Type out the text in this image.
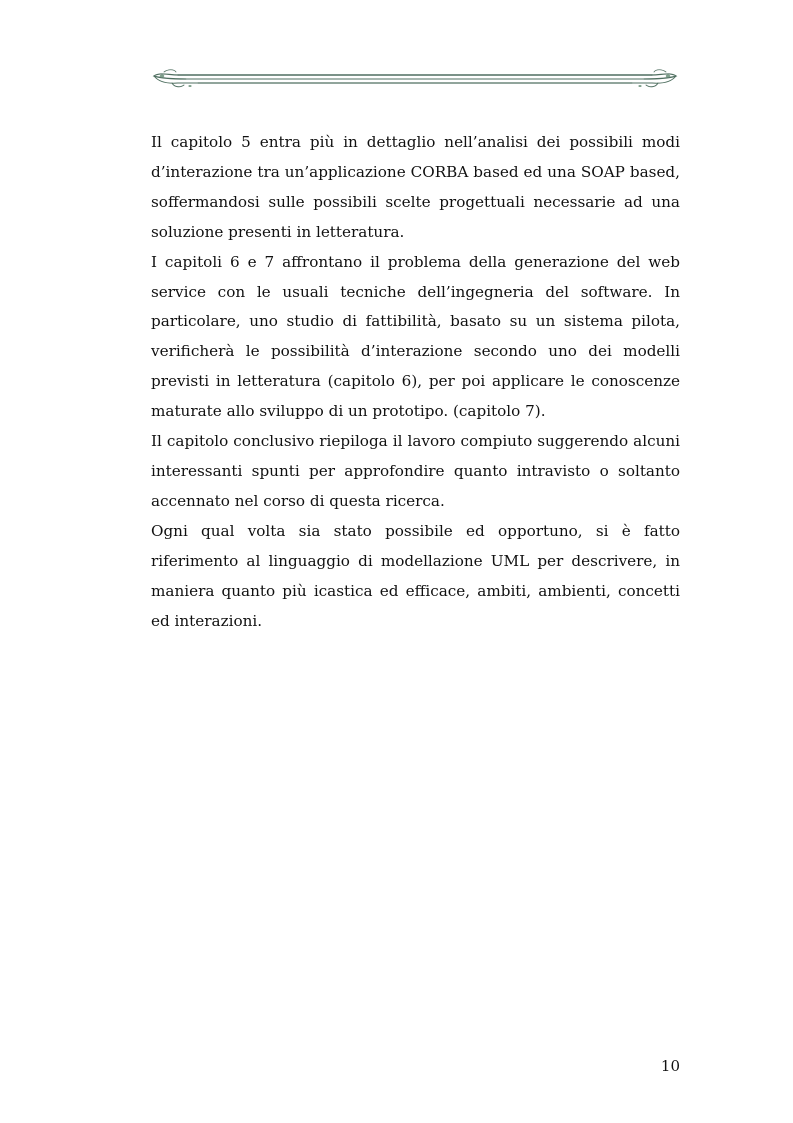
Il capitolo 5 entra più in dettaglio nell’analisi dei possibili modi d’interazione tra un’applicazione CORBA based ed una SOAP based, soffermandosi sulle possibili scelte progettuali necessarie ad una soluzione presenti in letteratura.

I capitoli 6 e 7 affrontano il problema della generazione del web service con le usuali tecniche dell’ingegneria del software. In particolare, uno studio di fattibilità, basato su un sistema pilota, verificherà le possibilità d’interazione secondo uno dei modelli previsti in letteratura (capitolo 6), per poi applicare le conoscenze maturate allo sviluppo di un prototipo. (capitolo 7).

Il capitolo conclusivo riepiloga il lavoro compiuto suggerendo alcuni interessanti spunti per approfondire quanto intravisto o soltanto accennato nel corso di questa ricerca.

Ogni qual volta sia stato possibile ed opportuno, si è fatto riferimento al linguaggio di modellazione UML per descrivere, in maniera quanto più icastica ed efficace, ambiti, ambienti, concetti ed interazioni.

10
